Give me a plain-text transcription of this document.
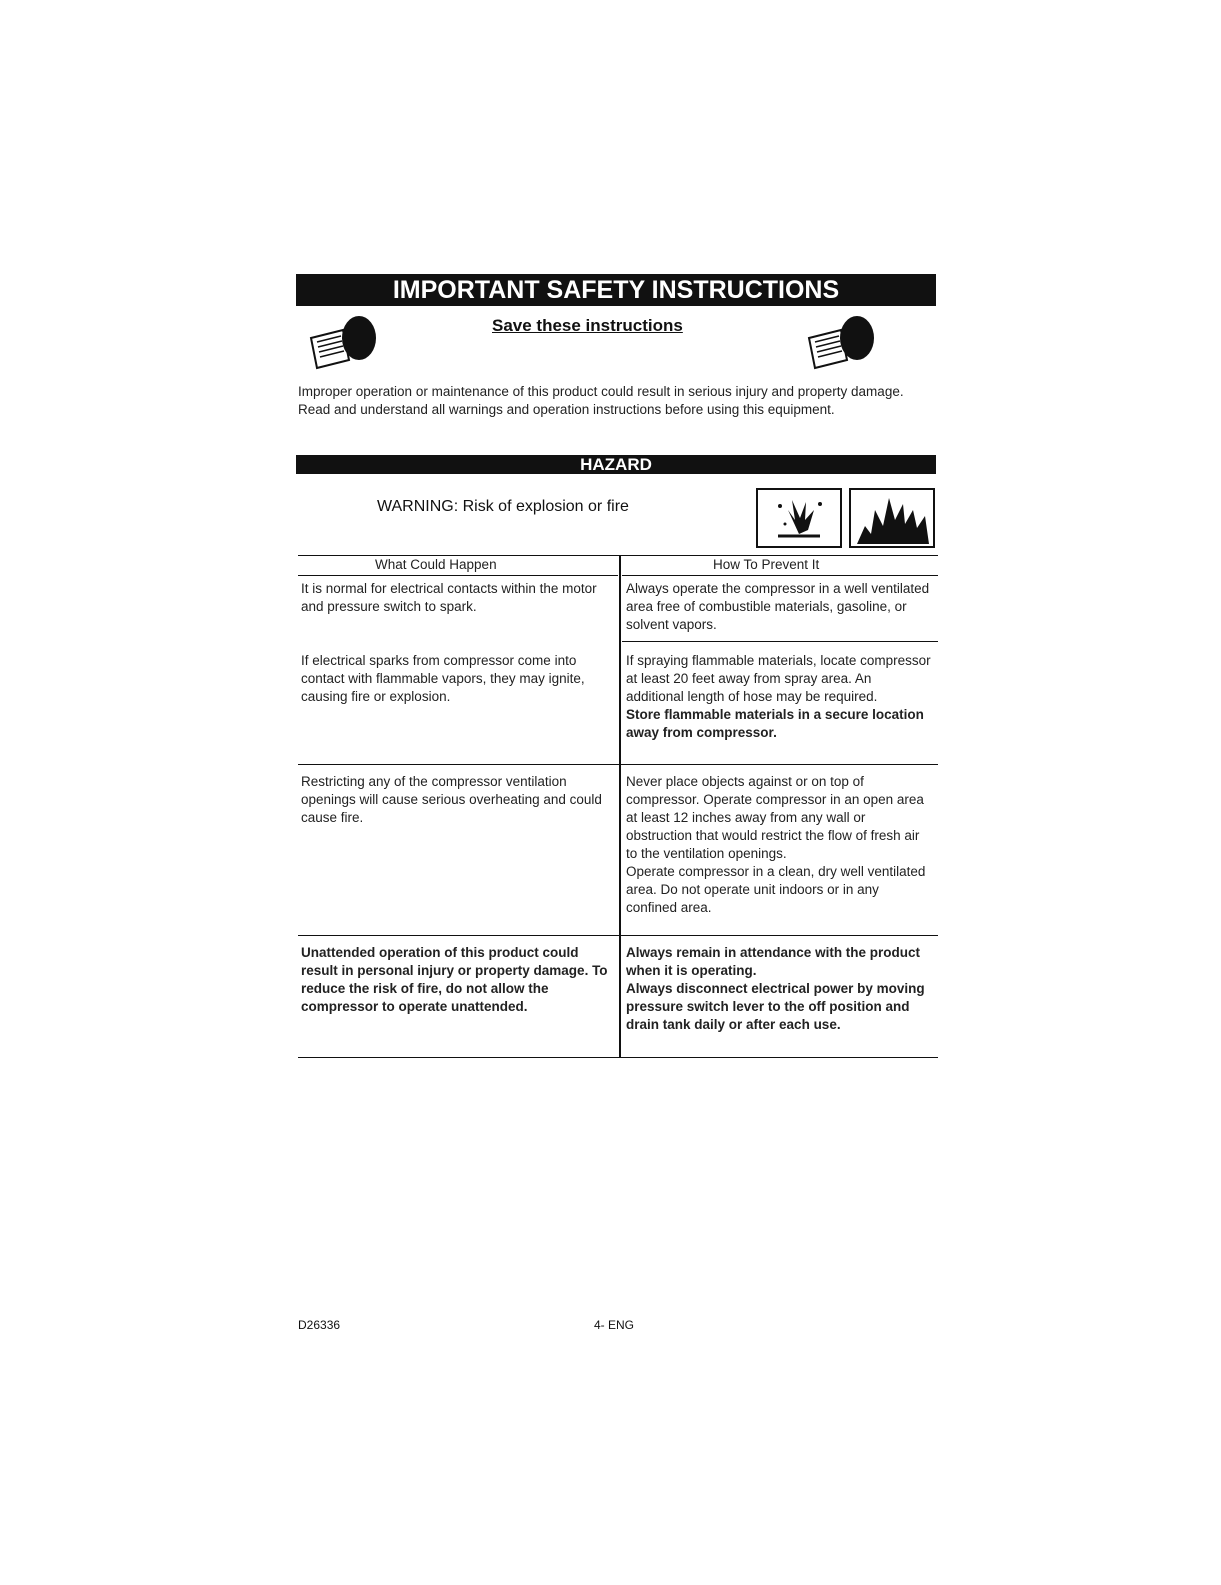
IMPORTANT SAFETY INSTRUCTIONS
Save these instructions
Improper operation or maintenance of this product could result in serious injury and property damage. Read and understand all warnings and operation instructions before using this equipment.
HAZARD
WARNING: Risk of explosion or fire
What Could Happen	How To Prevent It
It is normal for electrical contacts within the motor and pressure switch to spark.

Always operate the compressor in a well ventilated area free of combustible materials, gasoline, or solvent vapors.

If electrical sparks from compressor come into contact with flammable vapors, they may ignite, causing fire or explosion.

If spraying flammable materials, locate compressor at least 20 feet away from spray area. An additional length of hose may be required.

Store flammable materials in a secure location away from compressor.

Restricting any of the compressor ventilation openings will cause serious overheating and could cause fire.

Never place objects against or on top of compressor. Operate compressor in an open area at least 12 inches away from any wall or obstruction that would restrict the flow of fresh air to the ventilation openings.

Operate compressor in a clean, dry well ventilated area. Do not operate unit indoors or in any confined area.

Unattended operation of this product could result in personal injury or property damage. To reduce the risk of fire, do not allow the compressor to operate unattended.

Always remain in attendance with the product when it is operating.

Always disconnect electrical power by moving pressure switch lever to the off position and drain tank daily or after each use.

D26336	4- ENG
